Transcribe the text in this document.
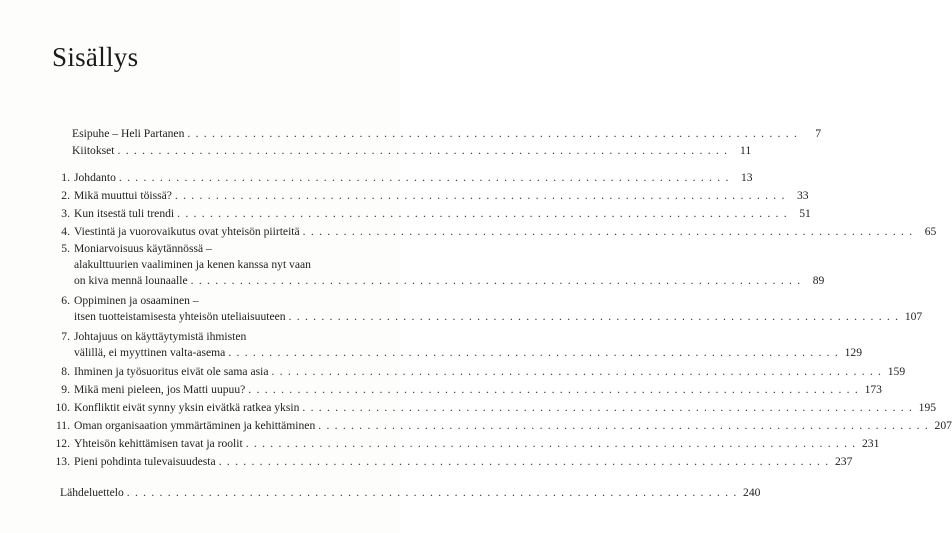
Sisällys
Esipuhe – Heli Partanen . . .	7
Kiitokset . . .	11
1. Johdanto . . .	13
2. Mikä muuttui töissä? . . .	33
3. Kun itsestä tuli trendi . . .	51
4. Viestintä ja vuorovaikutus ovat yhteisön piirteitä . . .	65
5. Moniarvoisuus käytännössä –
alakulttuurien vaaliminen ja kenen kanssa nyt vaan
on kiva mennä lounaalle . . .	89
6. Oppiminen ja osaaminen –
itsen tuotteistamisesta yhteisön uteliaisuuteen . . .	107
7. Johtajuus on käyttäytymistä ihmisten
välillä, ei myyttinen valta-asema . . .	129
8. Ihminen ja työsuoritus eivät ole sama asia . . .	159
9. Mikä meni pieleen, jos Matti uupuu? . . .	173
10. Konfliktit eivät synny yksin eivätkä ratkea yksin . . .	195
11. Oman organisaation ymmärtäminen ja kehittäminen . . .	207
12. Yhteisön kehittämisen tavat ja roolit . . .	231
13. Pieni pohdinta tulevaisuudesta . . .	237
Lähdeluettelo . . .	240
